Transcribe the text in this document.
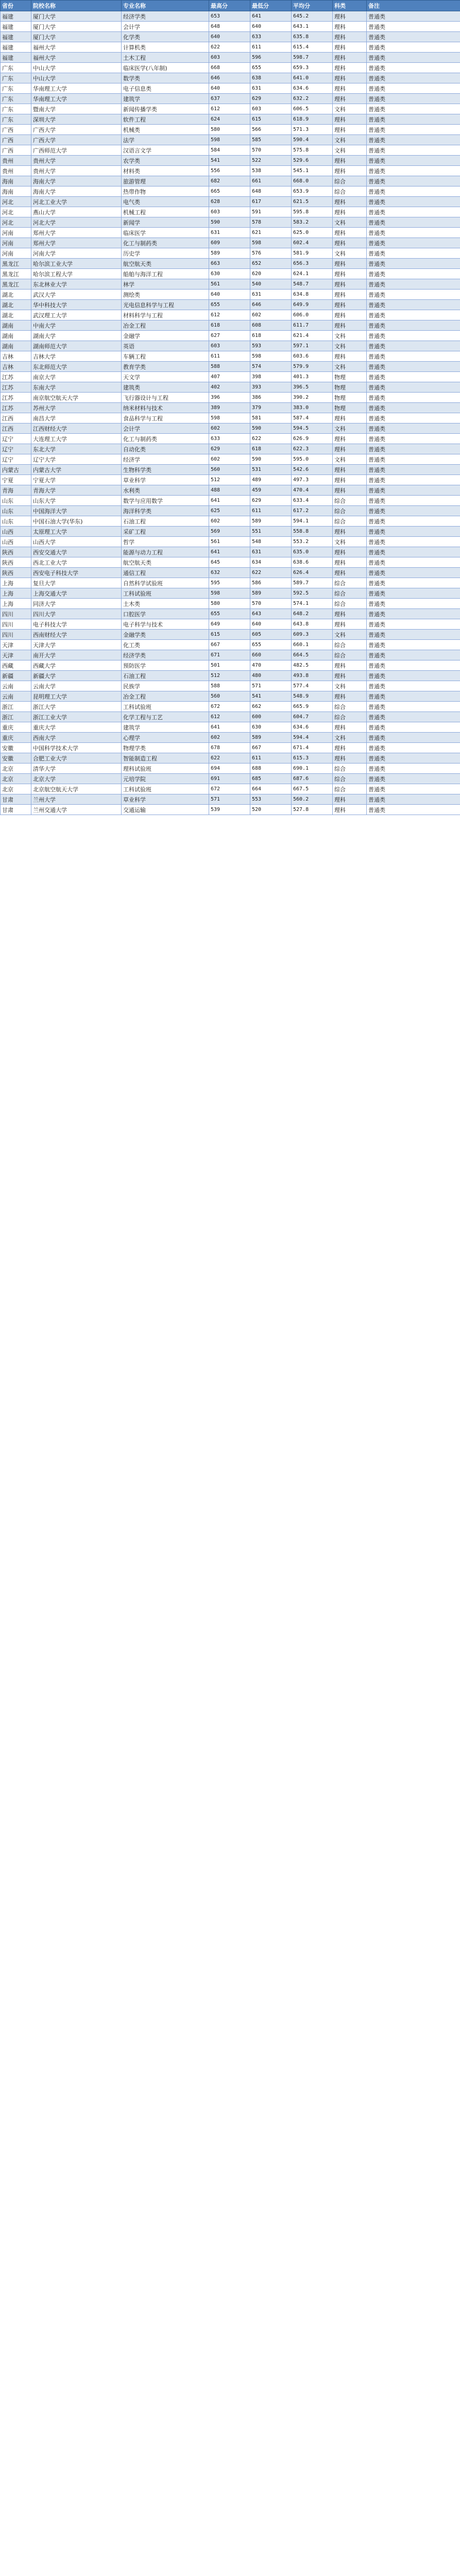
省份	院校名称	专业名称	最高分	最低分	平均分	科类	备注
福建	厦门大学	经济学类	653	641	645.2	理科	普通类
福建	厦门大学	会计学	648	640	643.1	理科	普通类
福建	厦门大学	化学类	640	633	635.8	理科	普通类
福建	福州大学	计算机类	622	611	615.4	理科	普通类
福建	福州大学	土木工程	603	596	598.7	理科	普通类
广东	中山大学	临床医学(八年制)	668	655	659.3	理科	普通类
广东	中山大学	数学类	646	638	641.0	理科	普通类
广东	华南理工大学	电子信息类	640	631	634.6	理科	普通类
广东	华南理工大学	建筑学	637	629	632.2	理科	普通类
广东	暨南大学	新闻传播学类	612	603	606.5	文科	普通类
广东	深圳大学	软件工程	624	615	618.9	理科	普通类
广西	广西大学	机械类	580	566	571.3	理科	普通类
广西	广西大学	法学	598	585	590.4	文科	普通类
广西	广西师范大学	汉语言文学	584	570	575.8	文科	普通类
贵州	贵州大学	农学类	541	522	529.6	理科	普通类
贵州	贵州大学	材料类	556	538	545.1	理科	普通类
海南	海南大学	旅游管理	682	661	668.0	综合	普通类
海南	海南大学	热带作物	665	648	653.9	综合	普通类
河北	河北工业大学	电气类	628	617	621.5	理科	普通类
河北	燕山大学	机械工程	603	591	595.8	理科	普通类
河北	河北大学	新闻学	590	578	583.2	文科	普通类
河南	郑州大学	临床医学	631	621	625.0	理科	普通类
河南	郑州大学	化工与制药类	609	598	602.4	理科	普通类
河南	河南大学	历史学	589	576	581.9	文科	普通类
黑龙江	哈尔滨工业大学	航空航天类	663	652	656.3	理科	普通类
黑龙江	哈尔滨工程大学	船舶与海洋工程	630	620	624.1	理科	普通类
黑龙江	东北林业大学	林学	561	540	548.7	理科	普通类
湖北	武汉大学	测绘类	640	631	634.8	理科	普通类
湖北	华中科技大学	光电信息科学与工程	655	646	649.9	理科	普通类
湖北	武汉理工大学	材料科学与工程	612	602	606.0	理科	普通类
湖南	中南大学	冶金工程	618	608	611.7	理科	普通类
湖南	湖南大学	金融学	627	618	621.4	文科	普通类
湖南	湖南师范大学	英语	603	593	597.1	文科	普通类
吉林	吉林大学	车辆工程	611	598	603.6	理科	普通类
吉林	东北师范大学	教育学类	588	574	579.9	文科	普通类
江苏	南京大学	天文学	407	398	401.3	物理	普通类
江苏	东南大学	建筑类	402	393	396.5	物理	普通类
江苏	南京航空航天大学	飞行器设计与工程	396	386	390.2	物理	普通类
江苏	苏州大学	纳米材料与技术	389	379	383.0	物理	普通类
江西	南昌大学	食品科学与工程	598	581	587.4	理科	普通类
江西	江西财经大学	会计学	602	590	594.5	文科	普通类
辽宁	大连理工大学	化工与制药类	633	622	626.9	理科	普通类
辽宁	东北大学	自动化类	629	618	622.3	理科	普通类
辽宁	辽宁大学	经济学	602	590	595.0	文科	普通类
内蒙古	内蒙古大学	生物科学类	560	531	542.6	理科	普通类
宁夏	宁夏大学	草业科学	512	489	497.3	理科	普通类
青海	青海大学	水利类	488	459	470.4	理科	普通类
山东	山东大学	数学与应用数学	641	629	633.4	综合	普通类
山东	中国海洋大学	海洋科学类	625	611	617.2	综合	普通类
山东	中国石油大学(华东)	石油工程	602	589	594.1	综合	普通类
山西	太原理工大学	采矿工程	569	551	558.8	理科	普通类
山西	山西大学	哲学	561	548	553.2	文科	普通类
陕西	西安交通大学	能源与动力工程	641	631	635.0	理科	普通类
陕西	西北工业大学	航空航天类	645	634	638.6	理科	普通类
陕西	西安电子科技大学	通信工程	632	622	626.4	理科	普通类
上海	复旦大学	自然科学试验班	595	586	589.7	综合	普通类
上海	上海交通大学	工科试验班	598	589	592.5	综合	普通类
上海	同济大学	土木类	580	570	574.1	综合	普通类
四川	四川大学	口腔医学	655	643	648.2	理科	普通类
四川	电子科技大学	电子科学与技术	649	640	643.8	理科	普通类
四川	西南财经大学	金融学类	615	605	609.3	文科	普通类
天津	天津大学	化工类	667	655	660.1	综合	普通类
天津	南开大学	经济学类	671	660	664.5	综合	普通类
西藏	西藏大学	预防医学	501	470	482.5	理科	普通类
新疆	新疆大学	石油工程	512	480	493.8	理科	普通类
云南	云南大学	民族学	588	571	577.4	文科	普通类
云南	昆明理工大学	冶金工程	560	541	548.9	理科	普通类
浙江	浙江大学	工科试验班	672	662	665.9	综合	普通类
浙江	浙江工业大学	化学工程与工艺	612	600	604.7	综合	普通类
重庆	重庆大学	建筑学	641	630	634.6	理科	普通类
重庆	西南大学	心理学	602	589	594.4	文科	普通类
安徽	中国科学技术大学	物理学类	678	667	671.4	理科	普通类
安徽	合肥工业大学	智能制造工程	622	611	615.3	理科	普通类
北京	清华大学	理科试验班	694	688	690.1	综合	普通类
北京	北京大学	元培学院	691	685	687.6	综合	普通类
北京	北京航空航天大学	工科试验班	672	664	667.5	综合	普通类
甘肃	兰州大学	草业科学	571	553	560.2	理科	普通类
甘肃	兰州交通大学	交通运输	539	520	527.8	理科	普通类
